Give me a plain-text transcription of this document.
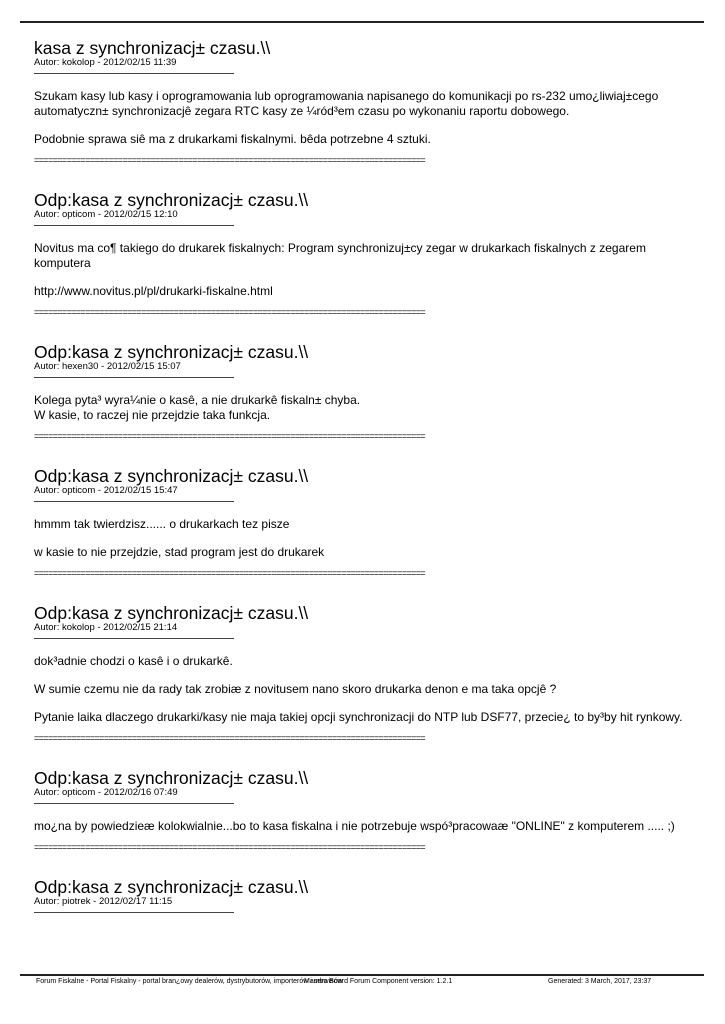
kasa z synchronizacj± czasu.\\
Autor: kokolop - 2012/02/15 11:39

Szukam kasy lub kasy i oprogramowania lub oprogramowania napisanego do komunikacji po rs-232 umo¿liwiaj±cego automatyczn± synchronizacjê zegara RTC kasy ze ¼ród³em czasu po wykonaniu raportu dobowego.

Podobnie sprawa siê ma z drukarkami fiskalnymi. bêda potrzebne 4 sztuki.

====================================================================================
Odp:kasa z synchronizacj± czasu.\\
Autor: opticom - 2012/02/15 12:10

Novitus ma co¶ takiego do drukarek fiskalnych: Program synchronizuj±cy zegar w drukarkach fiskalnych z zegarem komputera

http://www.novitus.pl/pl/drukarki-fiskalne.html

====================================================================================
Odp:kasa z synchronizacj± czasu.\\
Autor: hexen30 - 2012/02/15 15:07

Kolega pyta³ wyra¼nie o kasê, a nie drukarkê fiskaln± chyba.
W kasie, to raczej nie przejdzie taka funkcja.

====================================================================================
Odp:kasa z synchronizacj± czasu.\\
Autor: opticom - 2012/02/15 15:47

hmmm tak twierdzisz...... o drukarkach tez pisze

w kasie to nie przejdzie, stad program jest do drukarek

====================================================================================
Odp:kasa z synchronizacj± czasu.\\
Autor: kokolop - 2012/02/15 21:14

dok³adnie chodzi o kasê i o drukarkê.

W sumie czemu nie da rady tak zrobiæ z novitusem nano skoro drukarka denon e ma taka opcjê ?

Pytanie laika dlaczego drukarki/kasy nie maja takiej opcji synchronizacji do NTP lub DSF77, przecie¿ to by³by hit rynkowy.

====================================================================================
Odp:kasa z synchronizacj± czasu.\\
Autor: opticom - 2012/02/16 07:49

mo¿na by powiedzieæ kolokwialnie...bo to kasa fiskalna i nie potrzebuje wspó³pracowaæ "ONLINE" z komputerem ..... ;)

====================================================================================
Odp:kasa z synchronizacj± czasu.\\
Autor: piotrek - 2012/02/17 11:15
Forum Fiskalne - Portal Fiskalny - portal bran¿owy dealerów, dystrybutorów, importerów i serwisów
Mambo Board Forum Component version: 1.2.1	Generated: 3 March, 2017, 23:37
